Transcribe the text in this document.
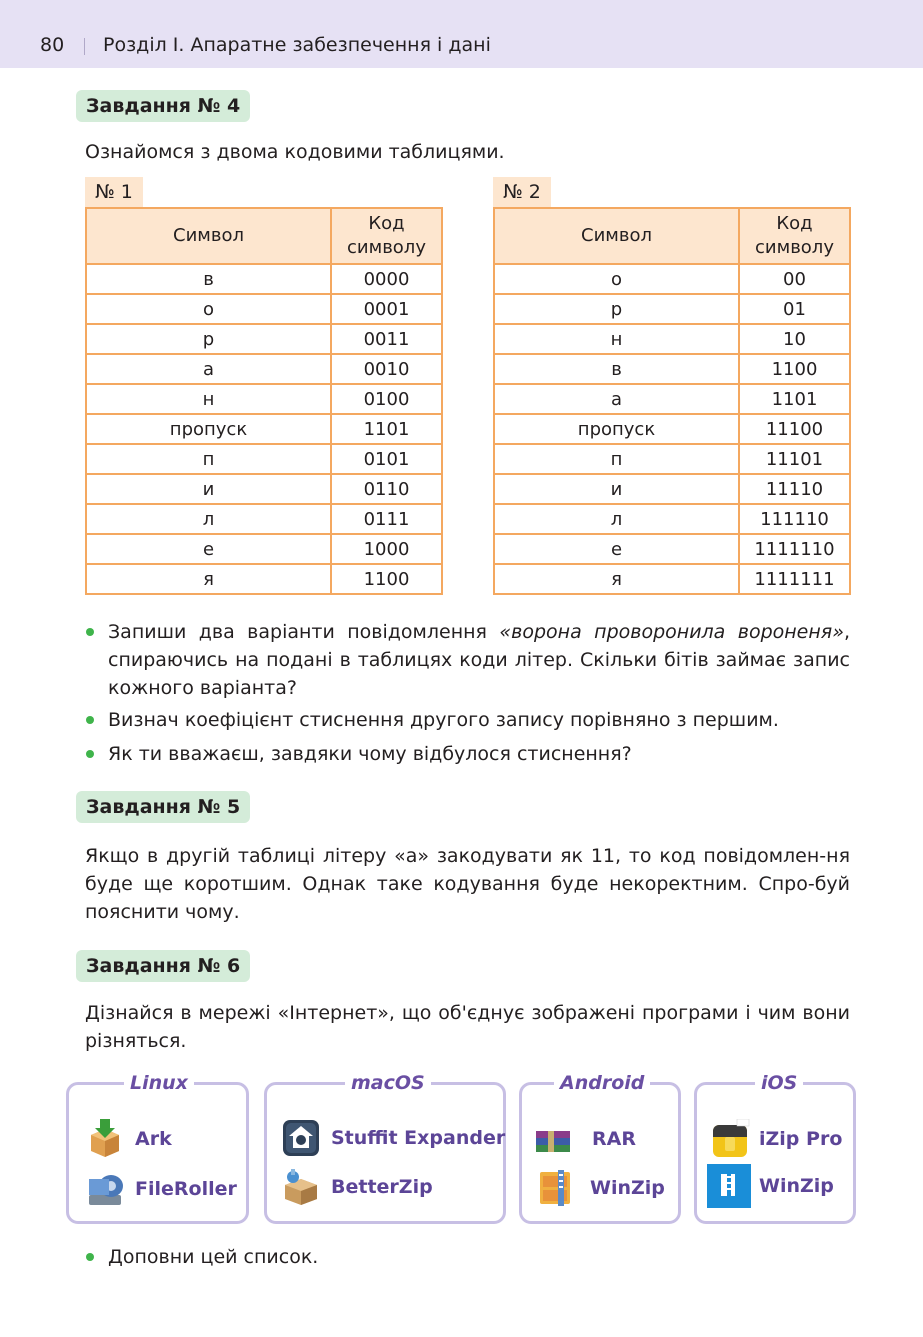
80 Розділ І. Апаратне забезпечення і дані
Завдання № 4
Ознайомся з двома кодовими таблицями.
№ 1
Символ	Код символу
в	0000
о	0001
р	0011
а	0010
н	0100
пропуск	1101
п	0101
и	0110
л	0111
е	1000
я	1100
№ 2
Символ	Код символу
о	00
р	01
н	10
в	1100
а	1101
пропуск	11100
п	11101
и	11110
л	111110
е	1111110
я	1111111
Запиши два варіанти повідомлення «ворона проворонила вороненя», спираючись на подані в таблицях коди літер. Скільки бітів займає запис кожного варіанта?
Визнач коефіцієнт стиснення другого запису порівняно з першим.
Як ти вважаєш, завдяки чому відбулося стиснення?
Завдання № 5
Якщо в другій таблиці літеру «а» закодувати як 11, то код повідомлен-ня буде ще коротшим. Однак таке кодування буде некоректним. Спро-буй пояснити чому.
Завдання № 6
Дізнайся в мережі «Інтернет», що об'єднує зображені програми і чим вони різняться.
Linux
Ark
FileRoller
macOS
Stuffit Expander
BetterZip
Android
RAR
WinZip
iOS
iZip Pro
WinZip
Доповни цей список.
